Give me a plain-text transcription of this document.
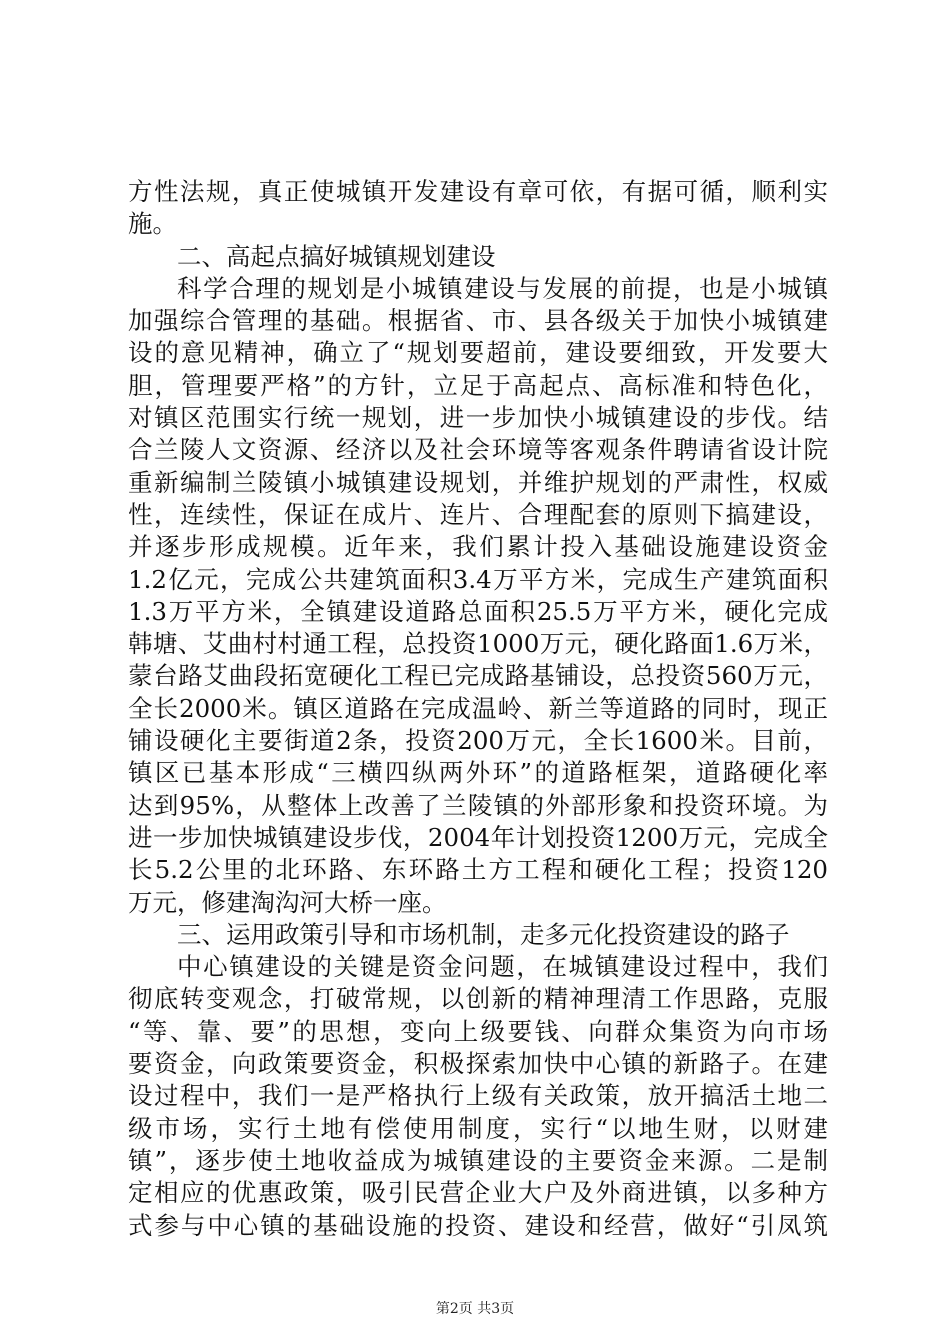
方性法规，真正使城镇开发建设有章可依，有据可循，顺利实
施。
二、高起点搞好城镇规划建设
科学合理的规划是小城镇建设与发展的前提，也是小城镇
加强综合管理的基础。根据省、市、县各级关于加快小城镇建
设的意见精神，确立了“规划要超前，建设要细致，开发要大
胆，管理要严格”的方针，立足于高起点、高标准和特色化，
对镇区范围实行统一规划，进一步加快小城镇建设的步伐。结
合兰陵人文资源、经济以及社会环境等客观条件聘请省设计院
重新编制兰陵镇小城镇建设规划，并维护规划的严肃性，权威
性，连续性，保证在成片、连片、合理配套的原则下搞建设，
并逐步形成规模。近年来，我们累计投入基础设施建设资金
1.2亿元，完成公共建筑面积3.4万平方米，完成生产建筑面积
1.3万平方米，全镇建设道路总面积25.5万平方米，硬化完成
韩塘、艾曲村村通工程，总投资1000万元，硬化路面1.6万米，
蒙台路艾曲段拓宽硬化工程已完成路基铺设，总投资560万元，
全长2000米。镇区道路在完成温岭、新兰等道路的同时，现正
铺设硬化主要街道2条，投资200万元，全长1600米。目前，
镇区已基本形成“三横四纵两外环”的道路框架，道路硬化率
达到95%，从整体上改善了兰陵镇的外部形象和投资环境。为
进一步加快城镇建设步伐，2004年计划投资1200万元，完成全
长5.2公里的北环路、东环路土方工程和硬化工程；投资120
万元，修建淘沟河大桥一座。
三、运用政策引导和市场机制，走多元化投资建设的路子
中心镇建设的关键是资金问题，在城镇建设过程中，我们
彻底转变观念，打破常规，以创新的精神理清工作思路，克服
“等、靠、要”的思想，变向上级要钱、向群众集资为向市场
要资金，向政策要资金，积极探索加快中心镇的新路子。在建
设过程中，我们一是严格执行上级有关政策，放开搞活土地二
级市场，实行土地有偿使用制度，实行“以地生财，以财建
镇”，逐步使土地收益成为城镇建设的主要资金来源。二是制
定相应的优惠政策，吸引民营企业大户及外商进镇，以多种方
式参与中心镇的基础设施的投资、建设和经营，做好“引凤筑
第2页 共3页
